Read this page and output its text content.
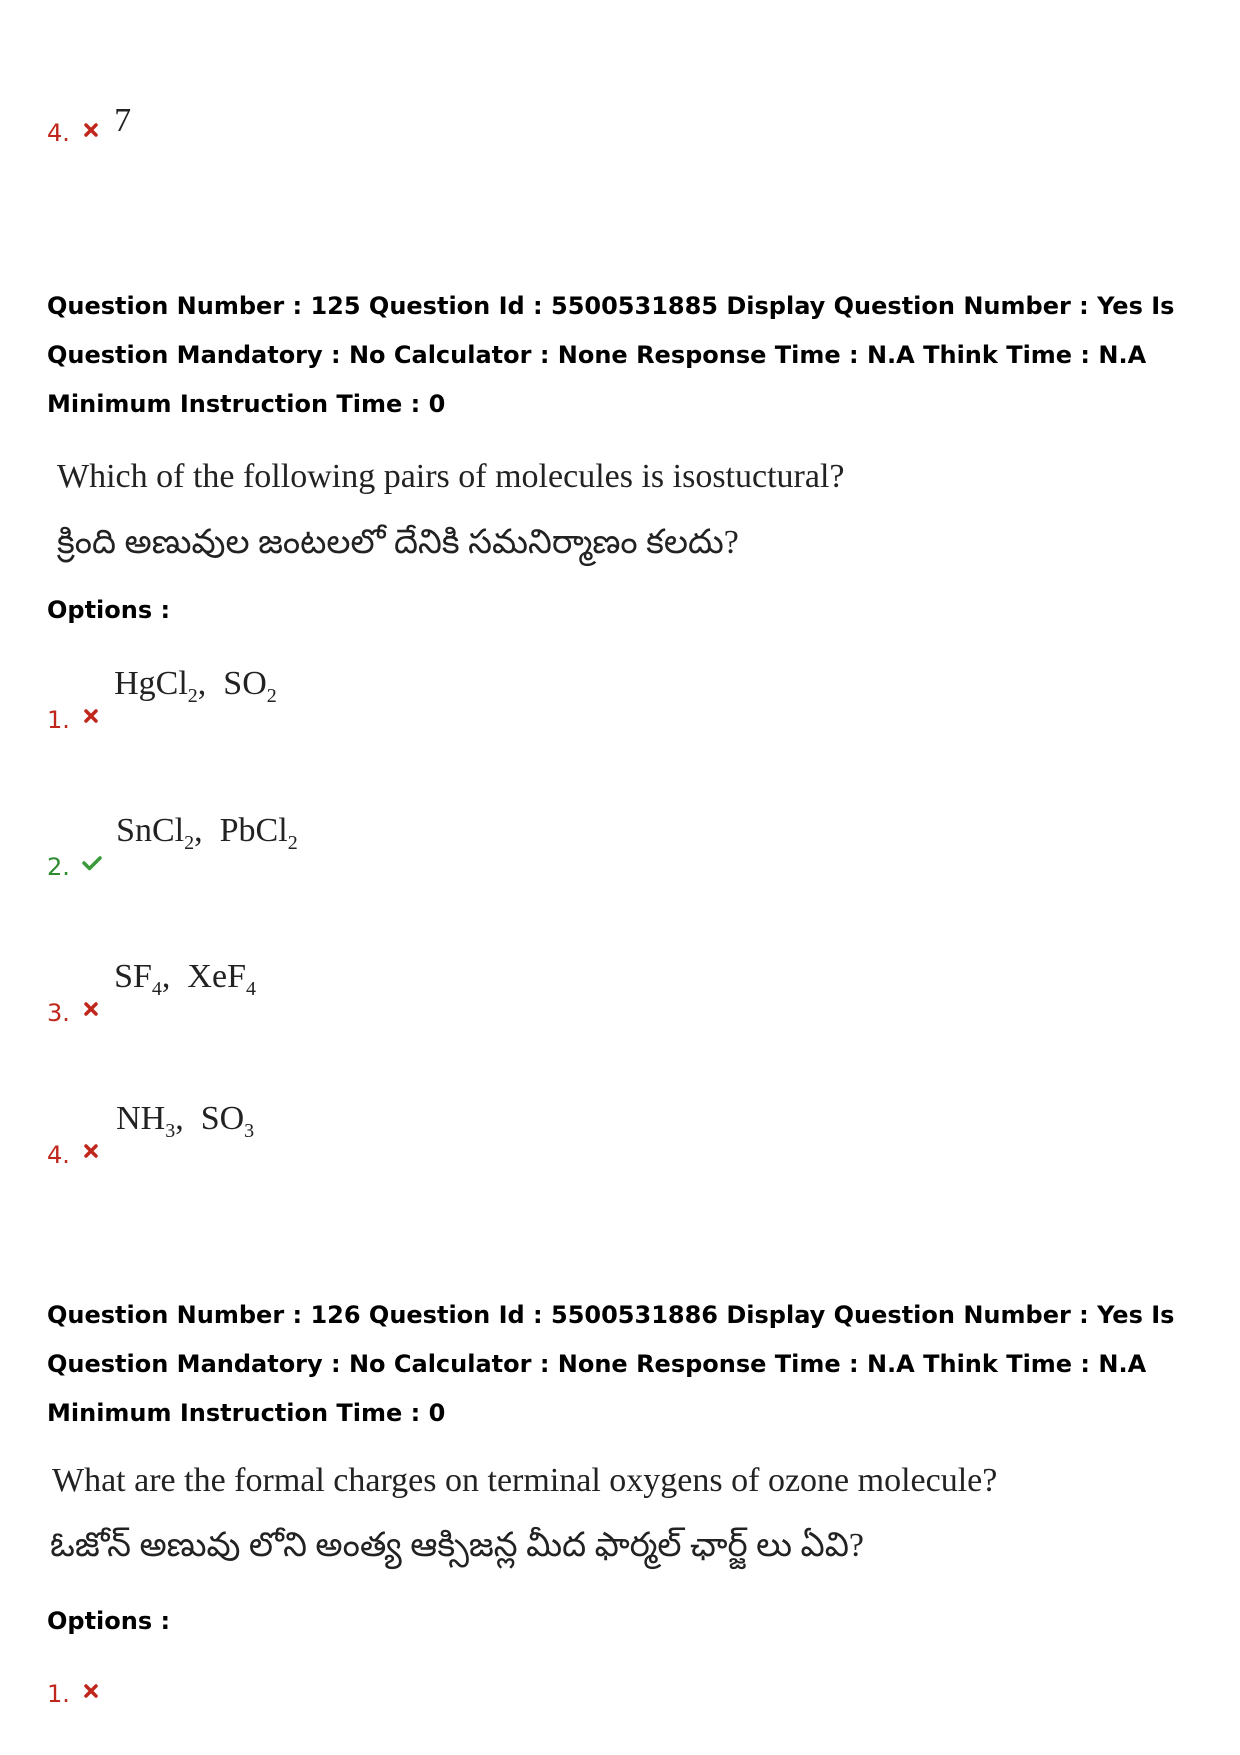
4. 7
Question Number : 125 Question Id : 5500531885 Display Question Number : Yes Is Question Mandatory : No Calculator : None Response Time : N.A Think Time : N.A Minimum Instruction Time : 0
Which of the following pairs of molecules is isostuctural?
క్రింది అణువుల జంటలలో దేనికి సమనిర్మాణం కలదు?
Options :
1.  HgCl$_2$, $SO_2$
2.  SnCl$_2$, PbCl$_2$
3.  $SF_4$, XeF$_4$
4.  $NH_3$, $SO_3$
Question Number : 126 Question Id : 5500531886 Display Question Number : Yes Is Question Mandatory : No Calculator : None Response Time : N.A Think Time : N.A Minimum Instruction Time : 0
What are the formal charges on terminal oxygens of ozone molecule?
ఓజోన్ అణువు లోని అంత్య ఆక్సిజన్ల మీద ఫార్మల్ ఛార్జ్ లు ఏవి?
Options :
1.
